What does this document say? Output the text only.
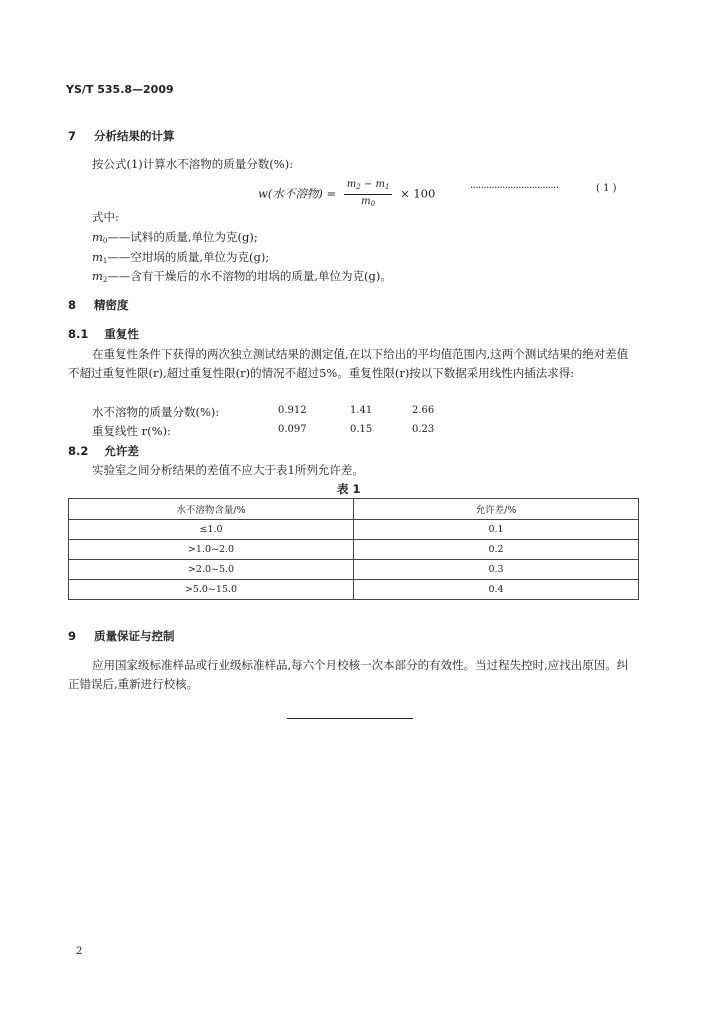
YS/T 535.8—2009
7 分析结果的计算
按公式(1)计算水不溶物的质量分数(%):
w(水不溶物) = $\frac{m_2 - m_1}{m_0} \times 100$	·································	( 1 )
式中:
$m_0——$试料的质量,单位为克(g);
$m_1——$空坩埚的质量,单位为克(g);
$m_2——$含有干燥后的水不溶物的坩埚的质量,单位为克(g)。
8 精密度
8.1 重复性
在重复性条件下获得的两次独立测试结果的测定值,在以下给出的平均值范围内,这两个测试结果的绝对差值不超过重复性限(r),超过重复性限(r)的情况不超过5%。重复性限(r)按以下数据采用线性内插法求得:
水不溶物的质量分数(%):	0.912	1.41	2.66
重复线性 r(%):	0.097	0.15	0.23
8.2 允许差
实验室之间分析结果的差值不应大于表1所列允许差。
表 1
水不溶物含量/%	允许差/%
≤1.0	0.1
>1.0~2.0	0.2
>2.0~5.0	0.3
>5.0~15.0	0.4
9 质量保证与控制
应用国家级标准样品或行业级标准样品,每六个月校核一次本部分的有效性。当过程失控时,应找出原因。纠正错误后,重新进行校核。
2
